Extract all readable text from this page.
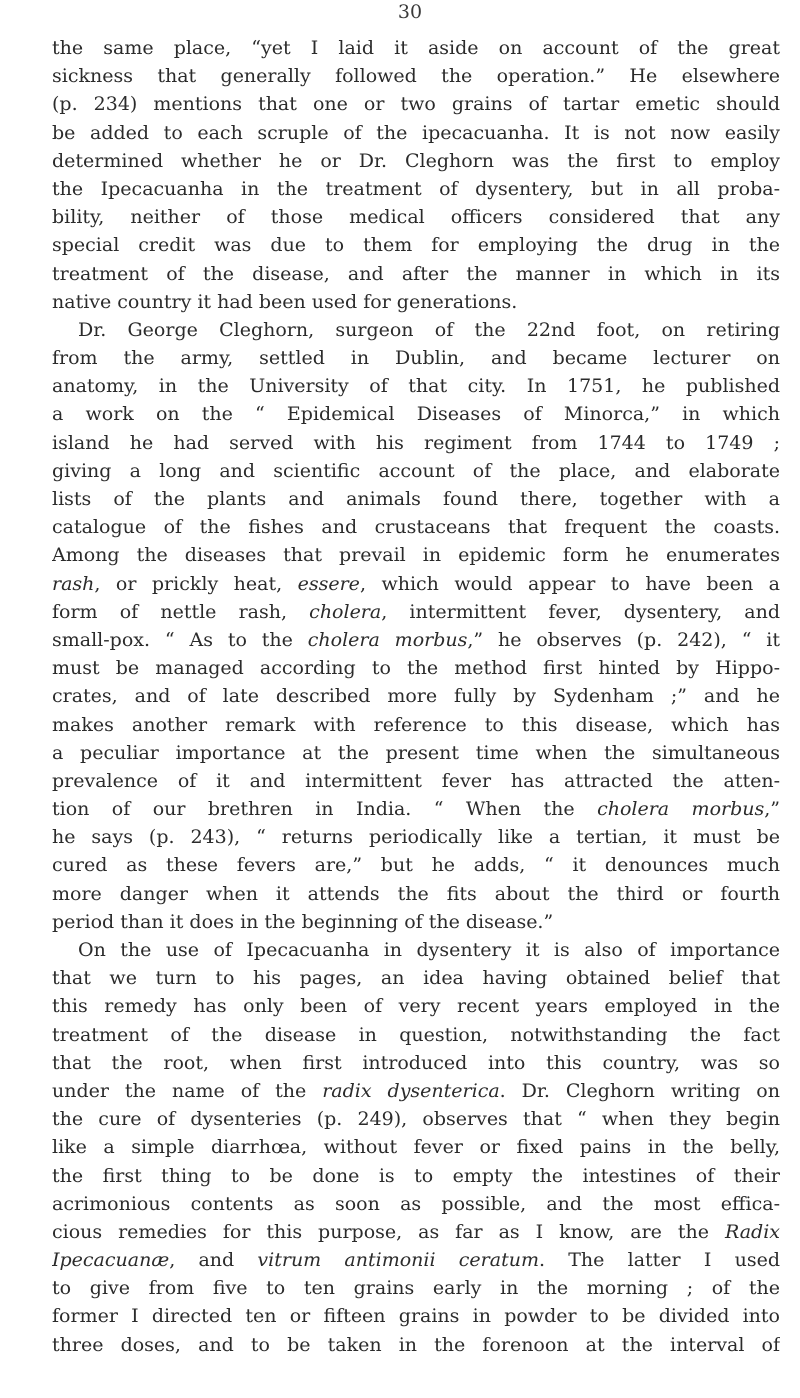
30
the same place, “yet I laid it aside on account of the great
sickness that generally followed the operation.” He elsewhere
(p. 234) mentions that one or two grains of tartar emetic should
be added to each scruple of the ipecacuanha. It is not now easily
determined whether he or Dr. Cleghorn was the first to employ
the Ipecacuanha in the treatment of dysentery, but in all proba-
bility, neither of those medical officers considered that any
special credit was due to them for employing the drug in the
treatment of the disease, and after the manner in which in its
native country it had been used for generations.
Dr. George Cleghorn, surgeon of the 22nd foot, on retiring
from the army, settled in Dublin, and became lecturer on
anatomy, in the University of that city. In 1751, he published
a work on the “ Epidemical Diseases of Minorca,” in which
island he had served with his regiment from 1744 to 1749 ;
giving a long and scientific account of the place, and elaborate
lists of the plants and animals found there, together with a
catalogue of the fishes and crustaceans that frequent the coasts.
Among the diseases that prevail in epidemic form he enumerates
rash, or prickly heat, essere, which would appear to have been a
form of nettle rash, cholera, intermittent fever, dysentery, and
small-pox. “ As to the cholera morbus,” he observes (p. 242), “ it
must be managed according to the method first hinted by Hippo-
crates, and of late described more fully by Sydenham ;” and he
makes another remark with reference to this disease, which has
a peculiar importance at the present time when the simultaneous
prevalence of it and intermittent fever has attracted the atten-
tion of our brethren in India. “ When the cholera morbus,”
he says (p. 243), “ returns periodically like a tertian, it must be
cured as these fevers are,” but he adds, “ it denounces much
more danger when it attends the fits about the third or fourth
period than it does in the beginning of the disease.”
On the use of Ipecacuanha in dysentery it is also of importance
that we turn to his pages, an idea having obtained belief that
this remedy has only been of very recent years employed in the
treatment of the disease in question, notwithstanding the fact
that the root, when first introduced into this country, was so
under the name of the radix dysenterica. Dr. Cleghorn writing on
the cure of dysenteries (p. 249), observes that “ when they begin
like a simple diarrhœa, without fever or fixed pains in the belly,
the first thing to be done is to empty the intestines of their
acrimonious contents as soon as possible, and the most effica-
cious remedies for this purpose, as far as I know, are the Radix
Ipecacuanæ, and vitrum antimonii ceratum. The latter I used
to give from five to ten grains early in the morning ; of the
former I directed ten or fifteen grains in powder to be divided into
three doses, and to be taken in the forenoon at the interval of
